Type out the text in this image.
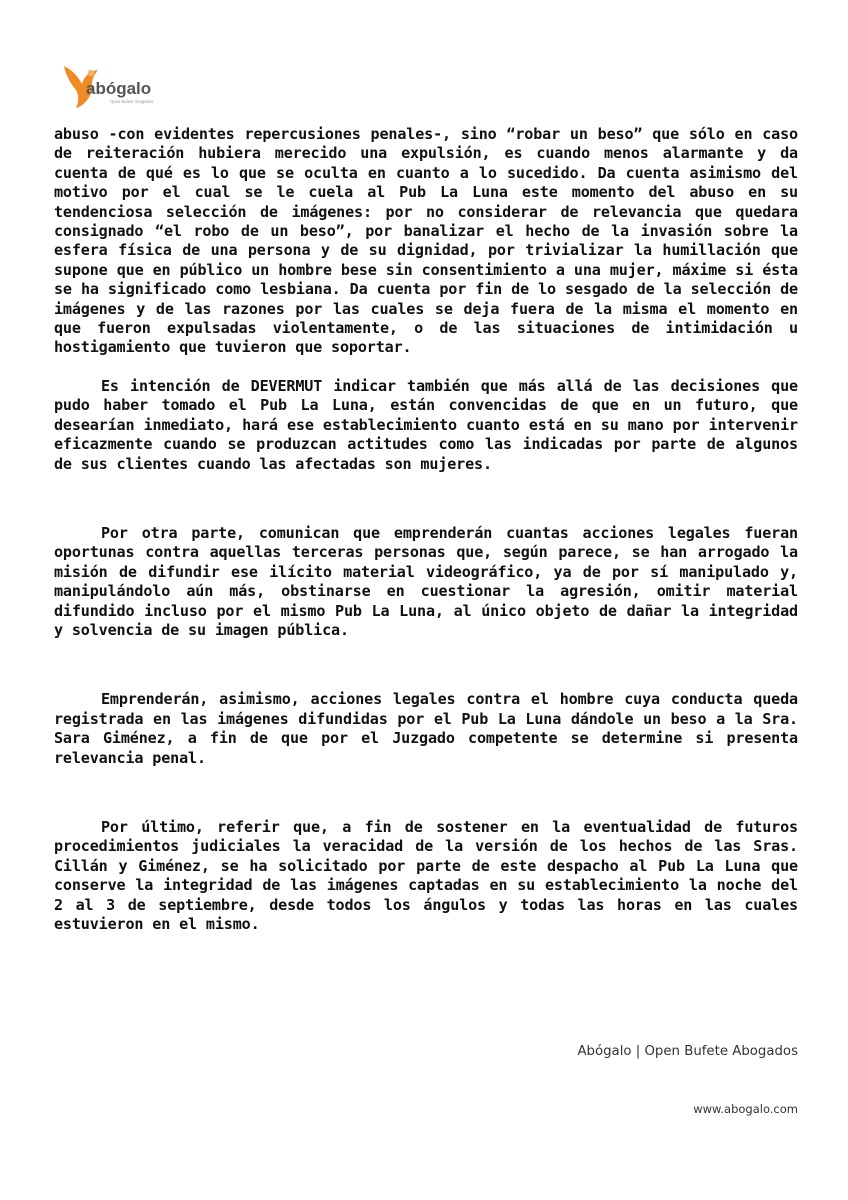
abógalo
Open Bufete Abogados

abuso -con evidentes repercusiones penales-, sino “robar un beso” que sólo en caso de reiteración hubiera merecido una expulsión, es cuando menos alarmante y da cuenta de qué es lo que se oculta en cuanto a lo sucedido. Da cuenta asimismo del motivo por el cual se le cuela al Pub La Luna este momento del abuso en su tendenciosa selección de imágenes: por no considerar de relevancia que quedara consignado “el robo de un beso”, por banalizar el hecho de la invasión sobre la esfera física de una persona y de su dignidad, por trivializar la humillación que supone que en público un hombre bese sin consentimiento a una mujer, máxime si ésta se ha significado como lesbiana. Da cuenta por fin de lo sesgado de la selección de imágenes y de las razones por las cuales se deja fuera de la misma el momento en que fueron expulsadas violentamente, o de las situaciones de intimidación u hostigamiento que tuvieron que soportar.

Es intención de DEVERMUT indicar también que más allá de las decisiones que pudo haber tomado el Pub La Luna, están convencidas de que en un futuro, que desearían inmediato, hará ese establecimiento cuanto está en su mano por intervenir eficazmente cuando se produzcan actitudes como las indicadas por parte de algunos de sus clientes cuando las afectadas son mujeres.

Por otra parte, comunican que emprenderán cuantas acciones legales fueran oportunas contra aquellas terceras personas que, según parece, se han arrogado la misión de difundir ese ilícito material videográfico, ya de por sí manipulado y, manipulándolo aún más, obstinarse en cuestionar la agresión, omitir material difundido incluso por el mismo Pub La Luna, al único objeto de dañar la integridad y solvencia de su imagen pública.

Emprenderán, asimismo, acciones legales contra el hombre cuya conducta queda registrada en las imágenes difundidas por el Pub La Luna dándole un beso a la Sra. Sara Giménez, a fin de que por el Juzgado competente se determine si presenta relevancia penal.

Por último, referir que, a fin de sostener en la eventualidad de futuros procedimientos judiciales la veracidad de la versión de los hechos de las Sras. Cillán y Giménez, se ha solicitado por parte de este despacho al Pub La Luna que conserve la integridad de las imágenes captadas en su establecimiento la noche del 2 al 3 de septiembre, desde todos los ángulos y todas las horas en las cuales estuvieron en el mismo.

Abógalo | Open Bufete Abogados
www.abogalo.com
